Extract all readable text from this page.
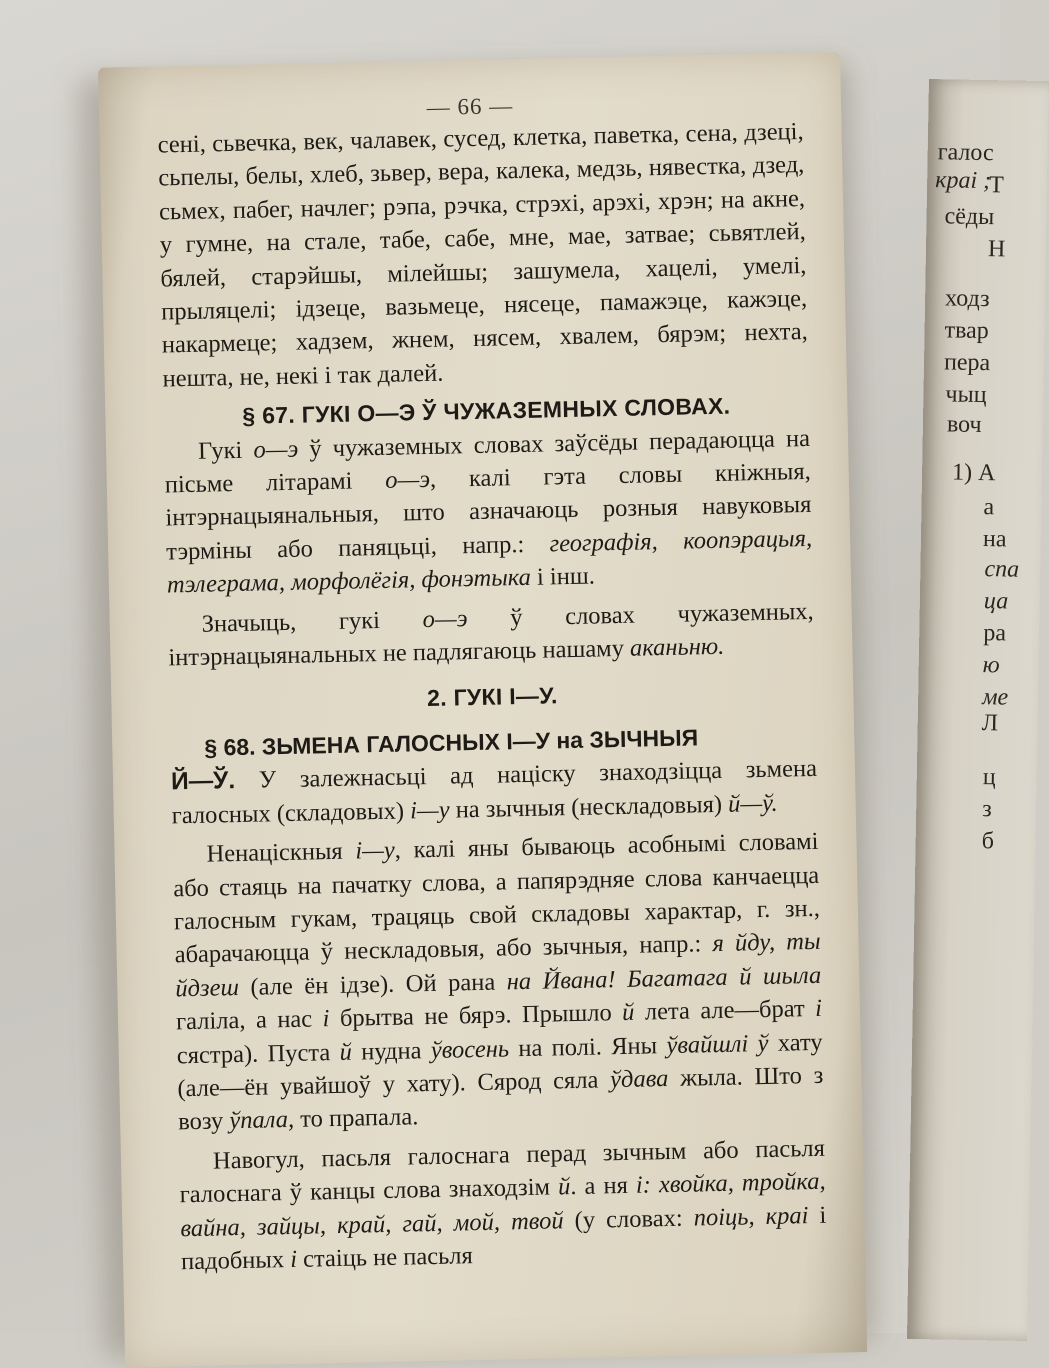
галос
краі ;
Т
сёды
Н
ходз
твар
пера
чыц
воч
1) А
а
на
спа
ца
ра
ю
ме
Л
ц
з
б
— 66 —

сені, сьвечка, век, чалавек, сусед, клетка, паветка, сена, дзеці, сьпелы, белы, хлеб, зьвер, вера, калека, медзь, нявестка, дзед, сьмех, пабег, начлег; рэпа, рэчка, стрэхі, арэхі, хрэн; на акне, у гумне, на стале, табе, сабе, мне, мае, затвае; сьвятлей, бялей, старэйшы, мілейшы; зашумела, хацелі, умелі, прыляцелі; ідзеце, вазьмеце, нясеце, памажэце, кажэце, накармеце; хадзем, жнем, нясем, хвалем, бярэм; нехта, нешта, не, некі і так далей.

§ 67. ГУКІ О—Э Ў ЧУЖАЗЕМНЫХ СЛОВАХ.

Гукі о—э ў чужаземных словах заўсёды перадаюцца на пісьме літарамі о—э, калі гэта словы кніжныя, інтэрнацыянальныя, што азначаюць розныя навуковыя тэрміны або паняцьці, напр.: географія, коопэрацыя, тэлеграма, морфолёгія, фонэтыка і інш.

Значыць, гукі о—э ў словах чужаземных, інтэрнацыянальных не падлягаюць нашаму аканьню.

2. ГУКІ І—У.

§ 68. ЗЬМЕНА ГАЛОСНЫХ І—У на ЗЫЧНЫЯ

Й—Ў. У залежнасьці ад націску знаходзіцца зьмена галосных (складовых) і—у на зычныя (нескладовыя) й—ў.

Ненаціскныя і—у, калі яны бываюць асобнымі словамі або стаяць на пачатку слова, а папярэдняе слова канчаецца галосным гукам, трацяць свой складовы характар, г. зн., абарачаюцца ў нескладовыя, або зычныя, напр.: я йду, ты йдзеш (але ён ідзе). Ой рана на Йвана! Багатага й шыла галіла, а нас і брытва не бярэ. Прышло й лета але—брат і сястра). Пуста й нудна ўвосень на полі. Яны ўвайшлі ў хату (але—ён увайшоў у хату). Сярод сяла ўдава жыла. Што з возу ўпала, то прапала.

Навогул, пасьля галоснага перад зычным або пасьля галоснага ў канцы слова знаходзім й. а ня і: хвойка, тройка, вайна, зайцы, край, гай, мой, твой (у словах: поіць, краі і падобных і стаіць не пасьля
